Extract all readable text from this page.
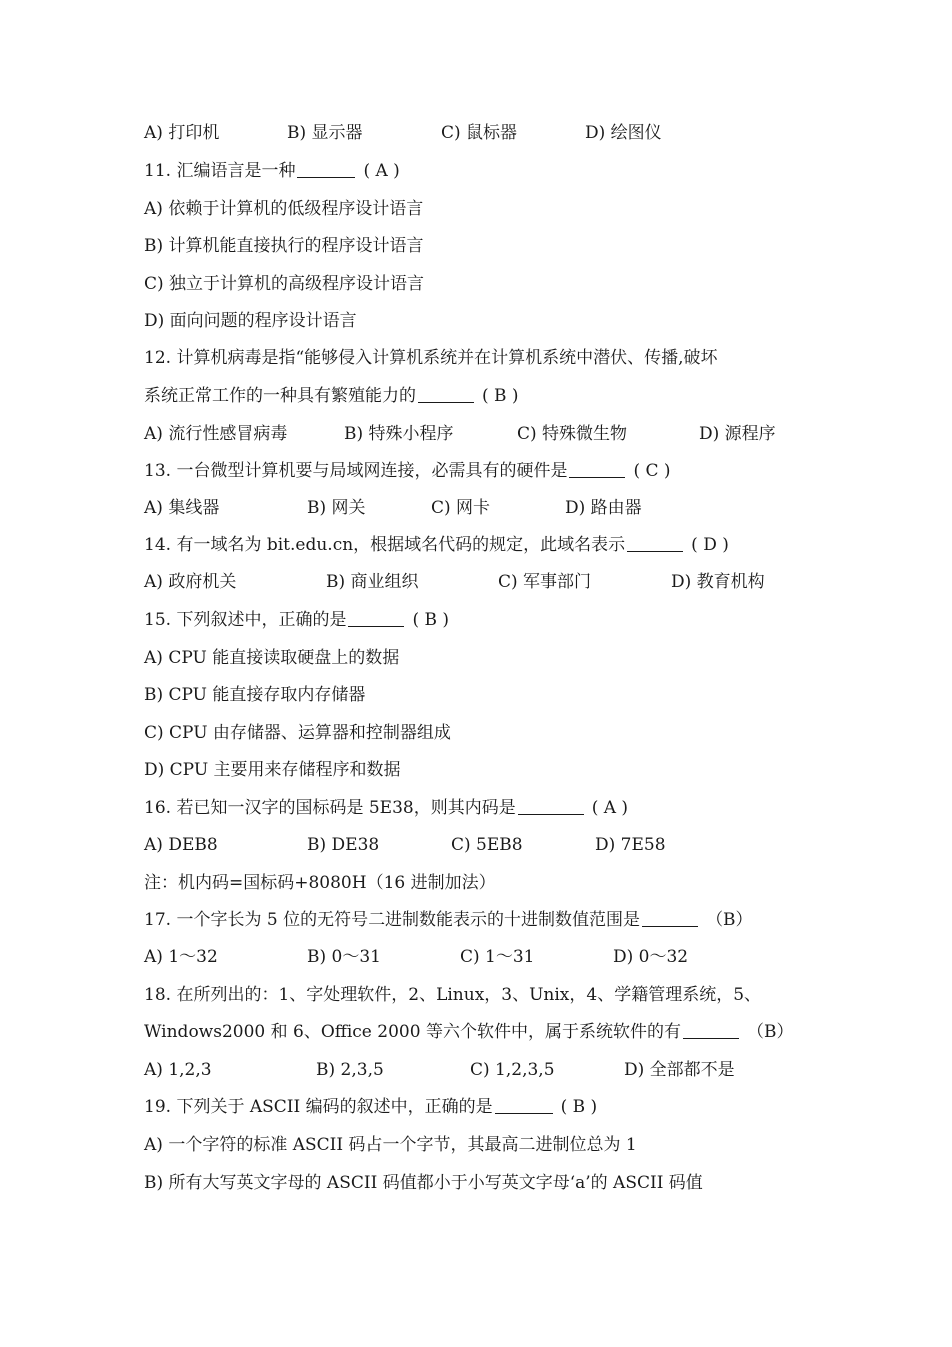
A) 打印机	B) 显示器	C) 鼠标器	D) 绘图仪
11. 汇编语言是一种	( A )
A) 依赖于计算机的低级程序设计语言
B) 计算机能直接执行的程序设计语言
C) 独立于计算机的高级程序设计语言
D) 面向问题的程序设计语言
12. 计算机病毒是指“能够侵入计算机系统并在计算机系统中潜伏、传播,破坏
系统正常工作的一种具有繁殖能力的	( B )
A) 流行性感冒病毒	B) 特殊小程序	C) 特殊微生物	D) 源程序
13. 一台微型计算机要与局域网连接，必需具有的硬件是	( C )
A) 集线器	B) 网关	C) 网卡	D) 路由器
14. 有一域名为 bit.edu.cn，根据域名代码的规定，此域名表示	( D )
A) 政府机关	B) 商业组织	C) 军事部门	D) 教育机构
15. 下列叙述中，正确的是	( B )
A) CPU 能直接读取硬盘上的数据
B) CPU 能直接存取内存储器
C) CPU 由存储器、运算器和控制器组成
D) CPU 主要用来存储程序和数据
16. 若已知一汉字的国标码是 5E38，则其内码是	( A )
A) DEB8	B) DE38	C) 5EB8	D) 7E58
注：机内码=国标码+8080H（16 进制加法）
17. 一个字长为 5 位的无符号二进制数能表示的十进制数值范围是	（B）
A) 1～32	B) 0～31	C) 1～31	D) 0～32
18. 在所列出的：1、字处理软件，2、Linux，3、Unix，4、学籍管理系统，5、
Windows2000 和 6、Office 2000 等六个软件中，属于系统软件的有	（B）
A) 1,2,3	B) 2,3,5	C) 1,2,3,5	D) 全部都不是
19. 下列关于 ASCII 编码的叙述中，正确的是	( B )
A) 一个字符的标准 ASCII 码占一个字节，其最高二进制位总为 1
B) 所有大写英文字母的 ASCII 码值都小于小写英文字母‘a’的 ASCII 码值
